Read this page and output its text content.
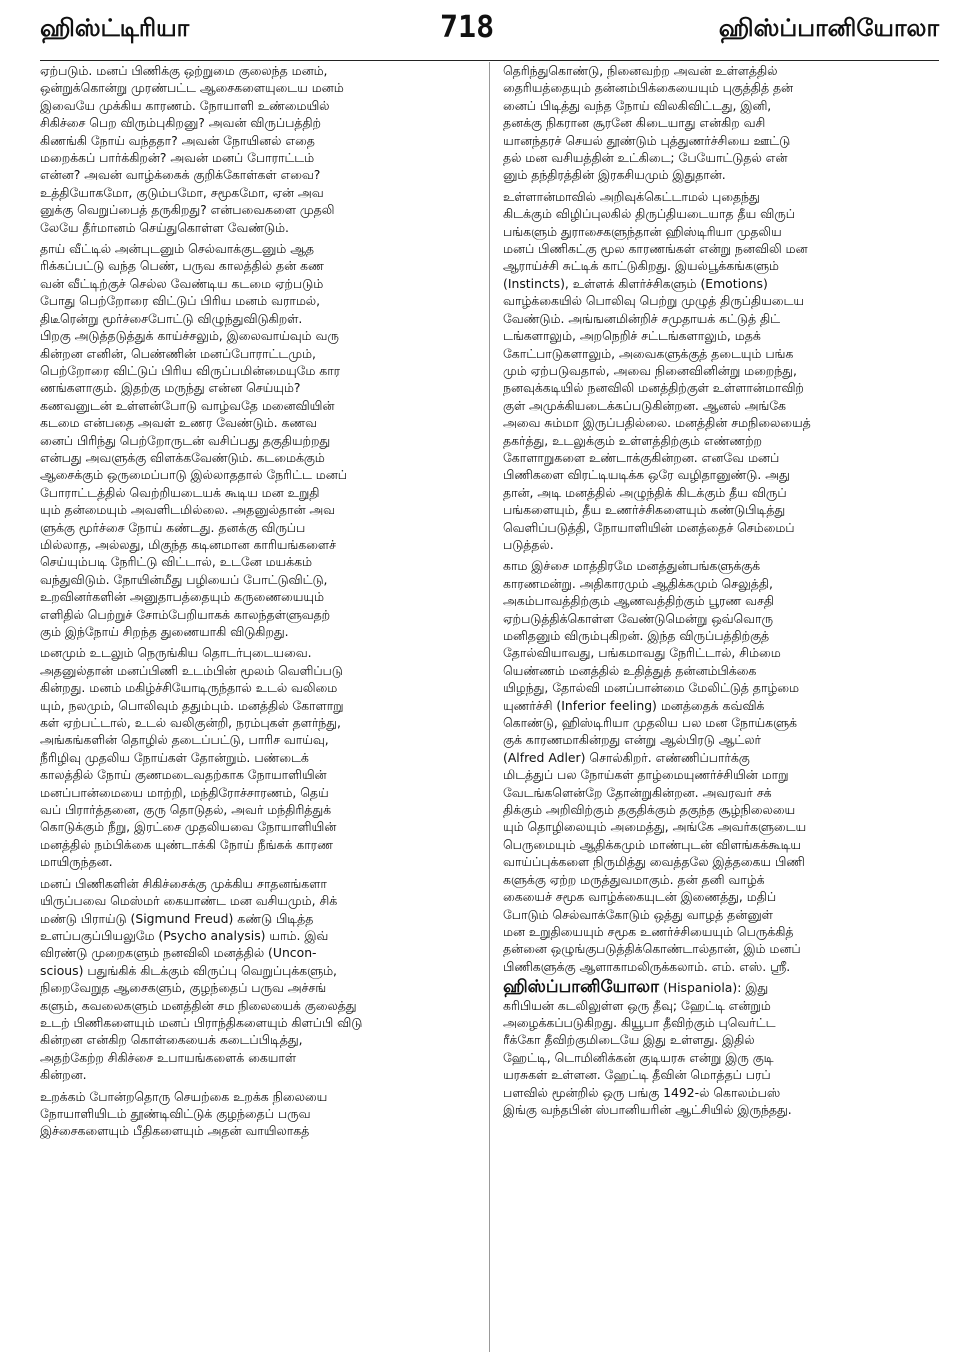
ஹிஸ்ட்டிரியா	718	ஹிஸ்ப்பானியோலா

ஏற்படும். மனப் பிணிக்கு ஒற்றுமை குலைந்த மனம்,
ஒன்றுக்கொன்று முரண்பட்ட ஆசைகளையுடைய மனம்
இவையே முக்கிய காரணம். நோயாளி உண்மையில்
சிகிச்சை பெற விரும்புகிறனு? அவன் விருப்பத்திற்
கிணங்கி நோய் வந்ததா? அவன் நோயினல் எதை
மறைக்கப் பார்க்கிறன்? அவன் மனப் போராட்டம்
என்ன? அவன் வாழ்க்கைக் குறிக்கோள்கள் எவை?
உத்தியோகமோ, குடும்பமோ, சமூகமோ, ஏன் அவ
னுக்கு வெறுப்பைத் தருகிறது? என்பவைகளை முதலி
லேயே தீர்மானம் செய்துகொள்ள வேண்டும்.

தாய் வீட்டில் அன்புடனும் செல்வாக்குடனும் ஆத
ரிக்கப்பட்டு வந்த பெண், பருவ காலத்தில் தன் கண
வன் வீட்டிற்குச் செல்ல வேண்டிய கடமை ஏற்படும்
போது பெற்றோரை விட்டுப் பிரிய மனம் வராமல்,
திடீரென்று மூர்ச்சைபோட்டு விழுந்துவிடுகிறள்.
பிறகு அடுத்தடுத்துக் காய்ச்சலும், இலைவாய்வும் வரு
கின்றன எனின், பெண்ணின் மனப்போராட்டமும்,
பெற்றோரை விட்டுப் பிரிய விருப்பமின்மையுமே கார
ணங்களாகும். இதற்கு மருந்து என்ன செய்யும்?
கணவனுடன் உள்ளன்போடு வாழ்வதே மனைவியின்
கடமை என்பதை அவள் உணர வேண்டும். கணவ
னைப் பிரிந்து பெற்றோருடன் வசிப்பது தகுதியற்றது
என்பது அவளுக்கு விளக்கவேண்டும். கடமைக்கும்
ஆசைக்கும் ஒருமைப்பாடு இல்லாததால் நேரிட்ட மனப்
போராட்டத்தில் வெற்றியடையக் கூடிய மன உறுதி
யும் தன்மையும் அவளிடமில்லை. அதனுல்தான் அவ
ளுக்கு மூர்ச்சை நோய் கண்டது. தனக்கு விருப்ப
மில்லாத, அல்லது, மிகுந்த கடினமான காரியங்களைச்
செய்யும்படி நேரிட்டு விட்டால், உடனே மயக்கம்
வந்துவிடும். நோயின்மீது பழியைப் போட்டுவிட்டு,
உறவினர்களின் அனுதாபத்தையும் கருணையையும்
எளிதில் பெற்றுச் சோம்பேறியாகக் காலந்தள்ளுவதற்
கும் இந்நோய் சிறந்த துணையாகி விடுகிறது.

மனமும் உடலும் நெருங்கிய தொடர்புடையவை.
அதனுல்தான் மனப்பிணி உடம்பின் மூலம் வெளிப்படு
கின்றது. மனம் மகிழ்ச்சியோடிருந்தால் உடல் வலிமை
யும், நலமும், பொலிவும் ததும்பும். மனத்தில் கோளாறு
கள் ஏற்பட்டால், உடல் வலிகுன்றி, நரம்புகள் தளர்ந்து,
அங்கங்களின் தொழில் தடைப்பட்டு, பாரிச வாய்வு,
நீரிழிவு முதலிய நோய்கள் தோன்றும். பண்டைக்
காலத்தில் நோய் குணமடைவதற்காக நோயாளியின்
மனப்பான்மையை மாற்றி, மந்திரோச்சாரணம், தெய்
வப் பிரார்த்தனை, குரு தொடுதல், அவர் மந்திரித்துக்
கொடுக்கும் நீறு, இரட்சை முதலியவை நோயாளியின்
மனத்தில் நம்பிக்கை யுண்டாக்கி நோய் நீங்கக் காரண
மாயிருந்தன.

மனப் பிணிகளின் சிகிச்சைக்கு முக்கிய சாதனங்களா
யிருப்பவை மெஸ்மர் கையாண்ட மன வசியமும், சிக்
மண்டு பிராய்டு (Sigmund Freud) கண்டு பிடித்த
உளப்பகுப்பியலுமே (Psycho analysis) யாம். இவ்
விரண்டு முறைகளும் நனவிலி மனத்தில் (Uncon-
scious) பதுங்கிக் கிடக்கும் விருப்பு வெறுப்புக்களும்,
நிறைவேறுத ஆசைகளும், குழந்தைப் பருவ அச்சங்
களும், கவலைகளும் மனத்தின் சம நிலையைக் குலைத்து
உடற் பிணிகளையும் மனப் பிராந்திகளையும் கிளப்பி விடு
கின்றன என்கிற கொள்கையைக் கடைப்பிடித்து,
அதற்கேற்ற சிகிச்சை உபாயங்களைக் கையாள்
கின்றன.

உறக்கம் போன்றதொரு செயற்கை உறக்க நிலையை
நோயாளியிடம் தூண்டிவிட்டுக் குழந்தைப் பருவ
இச்சைகளையும் பீதிகளையும் அதன் வாயிலாகத்

தெரிந்துகொண்டு, நினைவற்ற அவன் உள்ளத்தில்
தைரியத்தையும் தன்னம்பிக்கையையும் புகுத்தித் தன்
னைப் பிடித்து வந்த நோய் விலகிவிட்டது, இனி,
தனக்கு நிகரான சூரனே கிடையாது என்கிற வசி
யானந்தரச் செயல் தூண்டும் புத்துணர்ச்சியை ஊட்டு
தல் மன வசியத்தின் உட்கிடை; பேயோட்டுதல் என்
னும் தந்திரத்தின் இரகசியமும் இதுதான்.

உள்ளான்மாவில் அறிவுக்கெட்டாமல் புதைந்து
கிடக்கும் விழிப்புலகில் திருப்தியடையாத தீய விருப்
பங்களும் துராசைகளுந்தான் ஹிஸ்டிரியா முதலிய
மனப் பிணிகட்கு மூல காரணங்கள் என்று நனவிலி மன
ஆராய்ச்சி சுட்டிக் காட்டுகிறது. இயல்பூக்கங்களும்
(Instincts), உள்ளக் கிளர்ச்சிகளும் (Emotions)
வாழ்க்கையில் பொலிவு பெற்று முழுத் திருப்தியடைய
வேண்டும். அங்ஙனமின்றிச் சமுதாயக் கட்டுத் திட்
டங்களாலும், அறநெறிச் சட்டங்களாலும், மதக்
கோட்பாடுகளாலும், அவைகளுக்குத் தடையும் பங்க
மும் ஏற்படுவதால், அவை நினைவினின்று மறைந்து,
நனவுக்கடியில் நனவிலி மனத்திற்குள் உள்ளான்மாவிற்
குள் அமுக்கியடைக்கப்படுகின்றன. ஆனல் அங்கே
அவை சும்மா இருப்பதில்லை. மனத்தின் சமநிலையைத்
தகர்த்து, உடலுக்கும் உள்ளத்திற்கும் எண்ணற்ற
கோளாறுகளை உண்டாக்குகின்றன. எனவே மனப்
பிணிகளை விரட்டியடிக்க ஒரே வழிதானுண்டு. அது
தான், அடி மனத்தில் அழுந்திக் கிடக்கும் தீய விருப்
பங்களையும், தீய உணர்ச்சிகளையும் கண்டுபிடித்து
வெளிப்படுத்தி, நோயாளியின் மனத்தைச் செம்மைப்
படுத்தல்.

காம இச்சை மாத்திரமே மனத்துன்பங்களுக்குக்
காரணமன்று. அதிகாரமும் ஆதிக்கமும் செலுத்தி,
அகம்பாவத்திற்கும் ஆணவத்திற்கும் பூரண வசதி
ஏற்படுத்திக்கொள்ள வேண்டுமென்று ஒவ்வொரு
மனிதனும் விரும்புகிறன். இந்த விருப்பத்திற்குத்
தோல்வியாவது, பங்கமாவது நேரிட்டால், சிம்மை
யெண்ணம் மனத்தில் உதித்துத் தன்னம்பிக்கை
யிழந்து, தோல்வி மனப்பான்மை மேலிட்டுத் தாழ்மை
யுணர்ச்சி (Inferior feeling) மனத்தைக் கவ்விக்
கொண்டு, ஹிஸ்டிரியா முதலிய பல மன நோய்களுக்
குக் காரணமாகின்றது என்று ஆல்பிரடு ஆட்லர்
(Alfred Adler) சொல்கிறர். எண்ணிப்பார்க்கு
மிடத்துப் பல நோய்கள் தாழ்மையுணர்ச்சியின் மாறு
வேடங்களென்றே தோன்றுகின்றன. அவரவர் சக்
திக்கும் அறிவிற்கும் தகுதிக்கும் தகுந்த சூழ்நிலையை
யும் தொழிலையும் அமைத்து, அங்கே அவர்களுடைய
பெருமையும் ஆதிக்கமும் மாண்புடன் விளங்கக்கூடிய
வாய்ப்புக்களை நிருமித்து வைத்தலே இத்தகைய பிணி
களுக்கு ஏற்ற மருத்துவமாகும். தன் தனி வாழ்க்
கையைச் சமூக வாழ்க்கையுடன் இணைத்து, மதிப்
போடும் செல்வாக்கோடும் ஒத்து வாழத் தன்னுள்
மன உறுதியையும் சமூக உணர்ச்சியையும் பெருக்கித்
தன்னை ஒழுங்குபடுத்திக்கொண்டால்தான், இம் மனப்
பிணிகளுக்கு ஆளாகாமலிருக்கலாம். எம். எஸ். ஸ்ரீ.

ஹிஸ்ப்பானியோலா (Hispaniola): இது
கரிபியன் கடலிலுள்ள ஒரு தீவு; ஹேட்டி என்றும்
அழைக்கப்படுகிறது. கியூபா தீவிற்கும் புவெர்ட்ட
ரீக்கோ தீவிற்குமிடையே இது உள்ளது. இதில்
ஹேட்டி, டொமினிக்கன் குடியரசு என்று இரு குடி
யரசுகள் உள்ளன. ஹேட்டி தீவின் மொத்தப் பரப்
பளவில் மூன்றில் ஒரு பங்கு 1492-ல் கொலம்பஸ்
இங்கு வந்தபின் ஸ்பானியரின் ஆட்சியில் இருந்தது.
